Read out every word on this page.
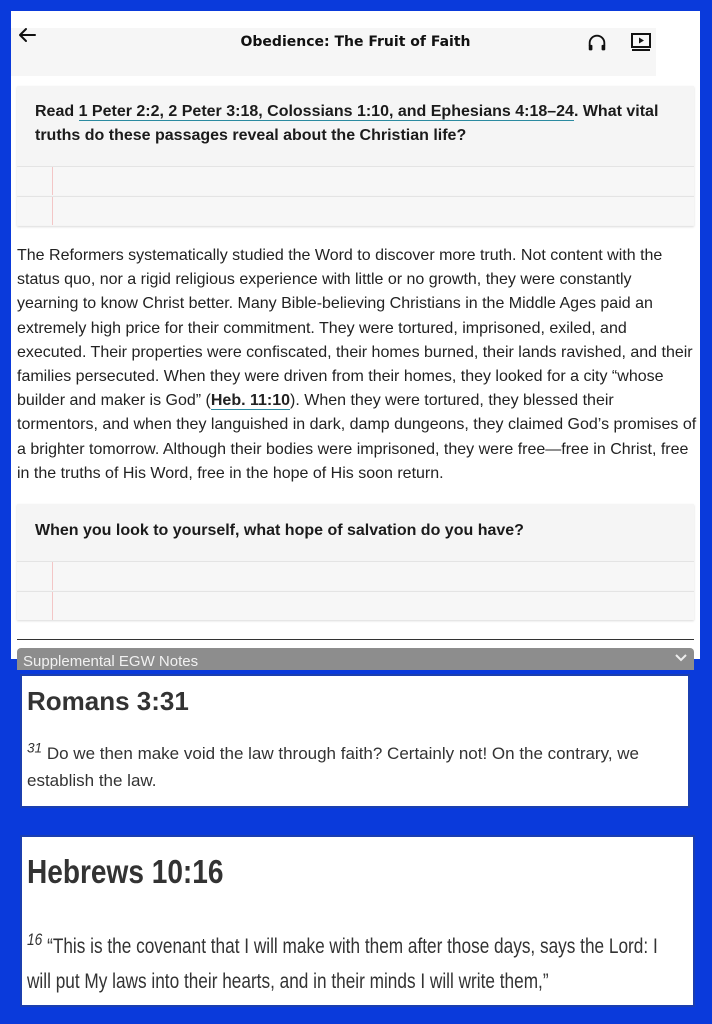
Obedience: The Fruit of Faith
Read 1 Peter 2:2, 2 Peter 3:18, Colossians 1:10, and Ephesians 4:18–24. What vital truths do these passages reveal about the Christian life?

The Reformers systematically studied the Word to discover more truth. Not content with the status quo, nor a rigid religious experience with little or no growth, they were constantly yearning to know Christ better. Many Bible-believing Christians in the Middle Ages paid an extremely high price for their commitment. They were tortured, imprisoned, exiled, and executed. Their properties were confiscated, their homes burned, their lands ravished, and their families persecuted. When they were driven from their homes, they looked for a city “whose builder and maker is God” (Heb. 11:10). When they were tortured, they blessed their tormentors, and when they languished in dark, damp dungeons, they claimed God’s promises of a brighter tomorrow. Although their bodies were imprisoned, they were free—free in Christ, free in the truths of His Word, free in the hope of His soon return.

When you look to yourself, what hope of salvation do you have?
Supplemental EGW Notes
Romans 3:31
$^{31}$ Do we then make void the law through faith? Certainly not! On the contrary, we establish the law.
Hebrews 10:16
$^{16}$ “This is the covenant that I will make with them after those days, says the Lord: I will put My laws into their hearts, and in their minds I will write them,”
